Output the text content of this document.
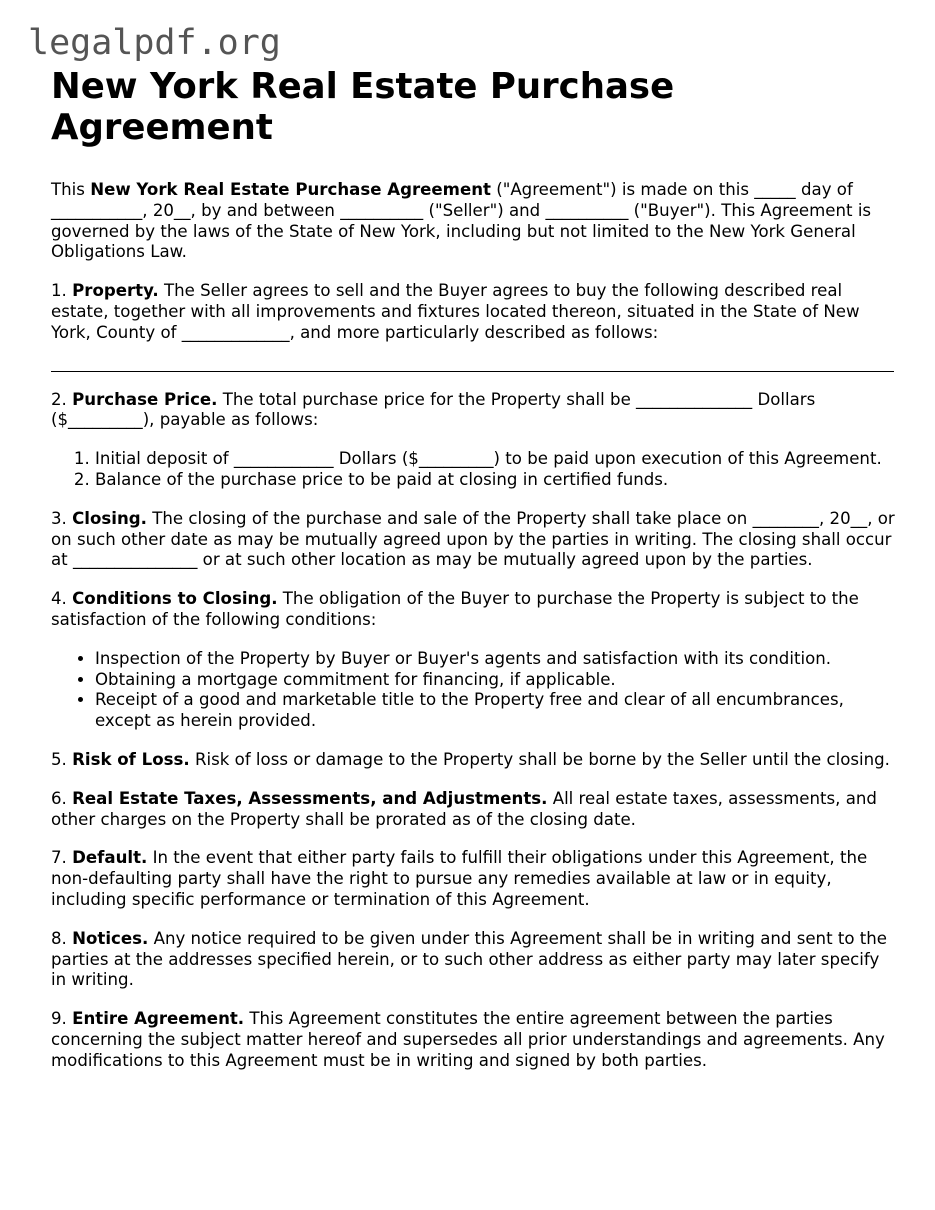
legalpdf.org
New York Real Estate Purchase Agreement

This New York Real Estate Purchase Agreement ("Agreement") is made on this _____ day of ___________, 20__, by and between __________ ("Seller") and __________ ("Buyer"). This Agreement is governed by the laws of the State of New York, including but not limited to the New York General Obligations Law.

1. Property. The Seller agrees to sell and the Buyer agrees to buy the following described real estate, together with all improvements and fixtures located thereon, situated in the State of New York, County of _____________, and more particularly described as follows:

2. Purchase Price. The total purchase price for the Property shall be ______________ Dollars ($_________), payable as follows:

1. Initial deposit of ____________ Dollars ($_________) to be paid upon execution of this Agreement.
2. Balance of the purchase price to be paid at closing in certified funds.

3. Closing. The closing of the purchase and sale of the Property shall take place on ________, 20__, or on such other date as may be mutually agreed upon by the parties in writing. The closing shall occur at _______________ or at such other location as may be mutually agreed upon by the parties.

4. Conditions to Closing. The obligation of the Buyer to purchase the Property is subject to the satisfaction of the following conditions:

• Inspection of the Property by Buyer or Buyer's agents and satisfaction with its condition.
• Obtaining a mortgage commitment for financing, if applicable.
• Receipt of a good and marketable title to the Property free and clear of all encumbrances, except as herein provided.

5. Risk of Loss. Risk of loss or damage to the Property shall be borne by the Seller until the closing.

6. Real Estate Taxes, Assessments, and Adjustments. All real estate taxes, assessments, and other charges on the Property shall be prorated as of the closing date.

7. Default. In the event that either party fails to fulfill their obligations under this Agreement, the non-defaulting party shall have the right to pursue any remedies available at law or in equity, including specific performance or termination of this Agreement.

8. Notices. Any notice required to be given under this Agreement shall be in writing and sent to the parties at the addresses specified herein, or to such other address as either party may later specify in writing.

9. Entire Agreement. This Agreement constitutes the entire agreement between the parties concerning the subject matter hereof and supersedes all prior understandings and agreements. Any modifications to this Agreement must be in writing and signed by both parties.
